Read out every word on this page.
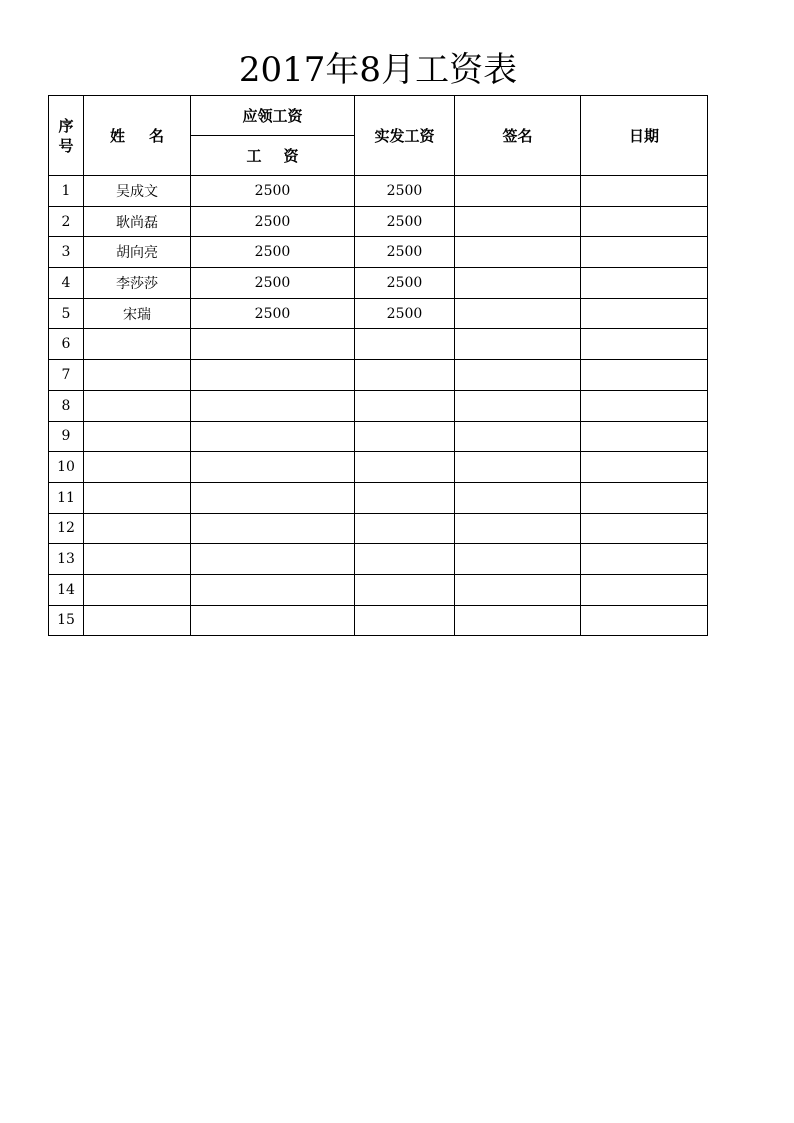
2017年8月工资表
序
号	姓名	应领工资	实发工资	签名	日期
		工资			
1	吴成文	2500	2500		
2	耿尚磊	2500	2500		
3	胡向亮	2500	2500		
4	李莎莎	2500	2500		
5	宋瑞	2500	2500		
6					
7					
8					
9					
10					
11					
12					
13					
14					
15					
